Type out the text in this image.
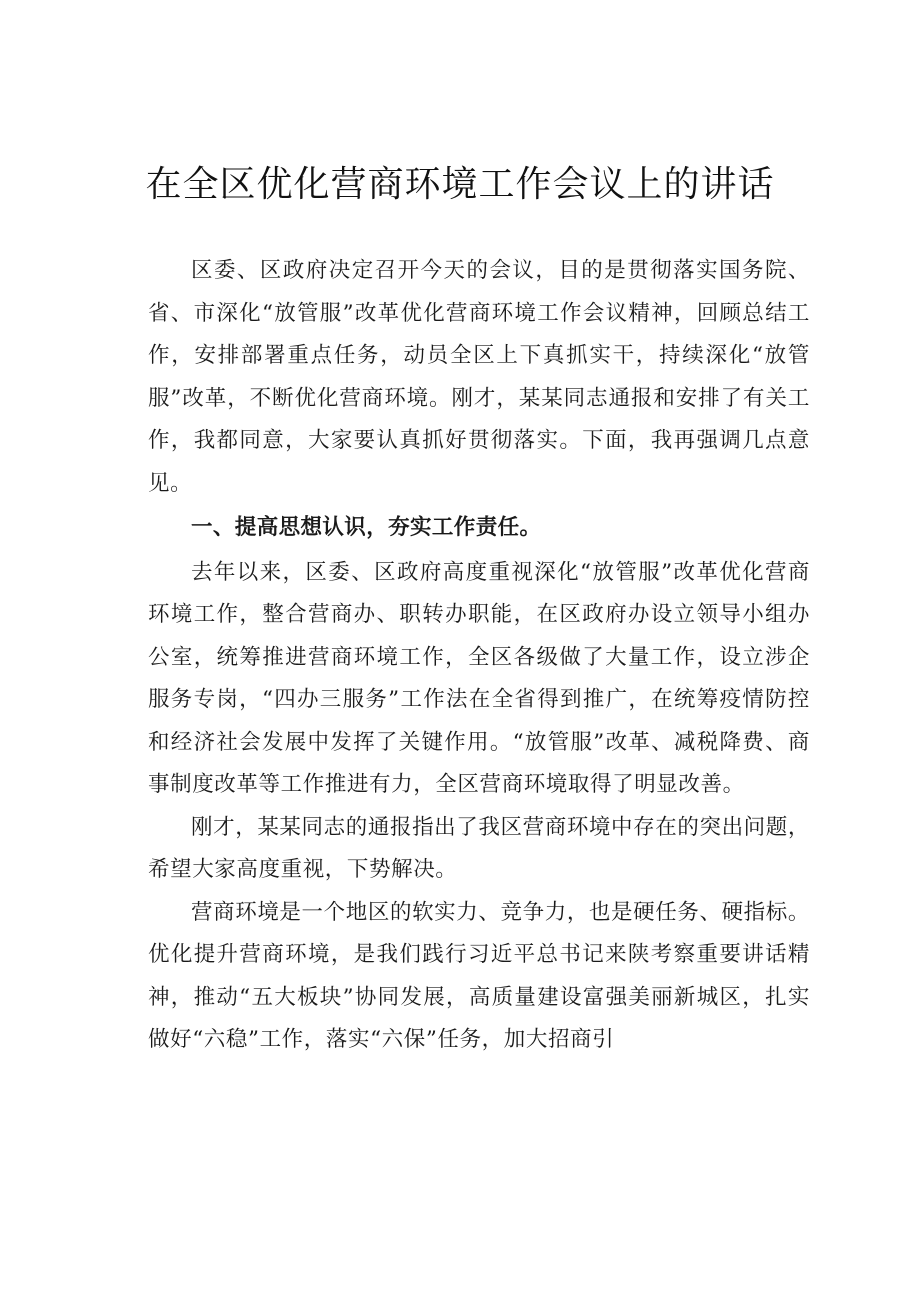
在全区优化营商环境工作会议上的讲话

区委、区政府决定召开今天的会议，目的是贯彻落实国务院、省、市深化“放管服”改革优化营商环境工作会议精神，回顾总结工作，安排部署重点任务，动员全区上下真抓实干，持续深化“放管服”改革，不断优化营商环境。刚才，某某同志通报和安排了有关工作，我都同意，大家要认真抓好贯彻落实。下面，我再强调几点意见。

一、提高思想认识，夯实工作责任。

去年以来，区委、区政府高度重视深化“放管服”改革优化营商环境工作，整合营商办、职转办职能，在区政府办设立领导小组办公室，统筹推进营商环境工作，全区各级做了大量工作，设立涉企服务专岗，“四办三服务”工作法在全省得到推广，在统筹疫情防控和经济社会发展中发挥了关键作用。“放管服”改革、减税降费、商事制度改革等工作推进有力，全区营商环境取得了明显改善。

刚才，某某同志的通报指出了我区营商环境中存在的突出问题，希望大家高度重视，下势解决。

营商环境是一个地区的软实力、竞争力，也是硬任务、硬指标。优化提升营商环境，是我们践行习近平总书记来陕考察重要讲话精神，推动“五大板块”协同发展，高质量建设富强美丽新城区，扎实做好“六稳”工作，落实“六保”任务，加大招商引
